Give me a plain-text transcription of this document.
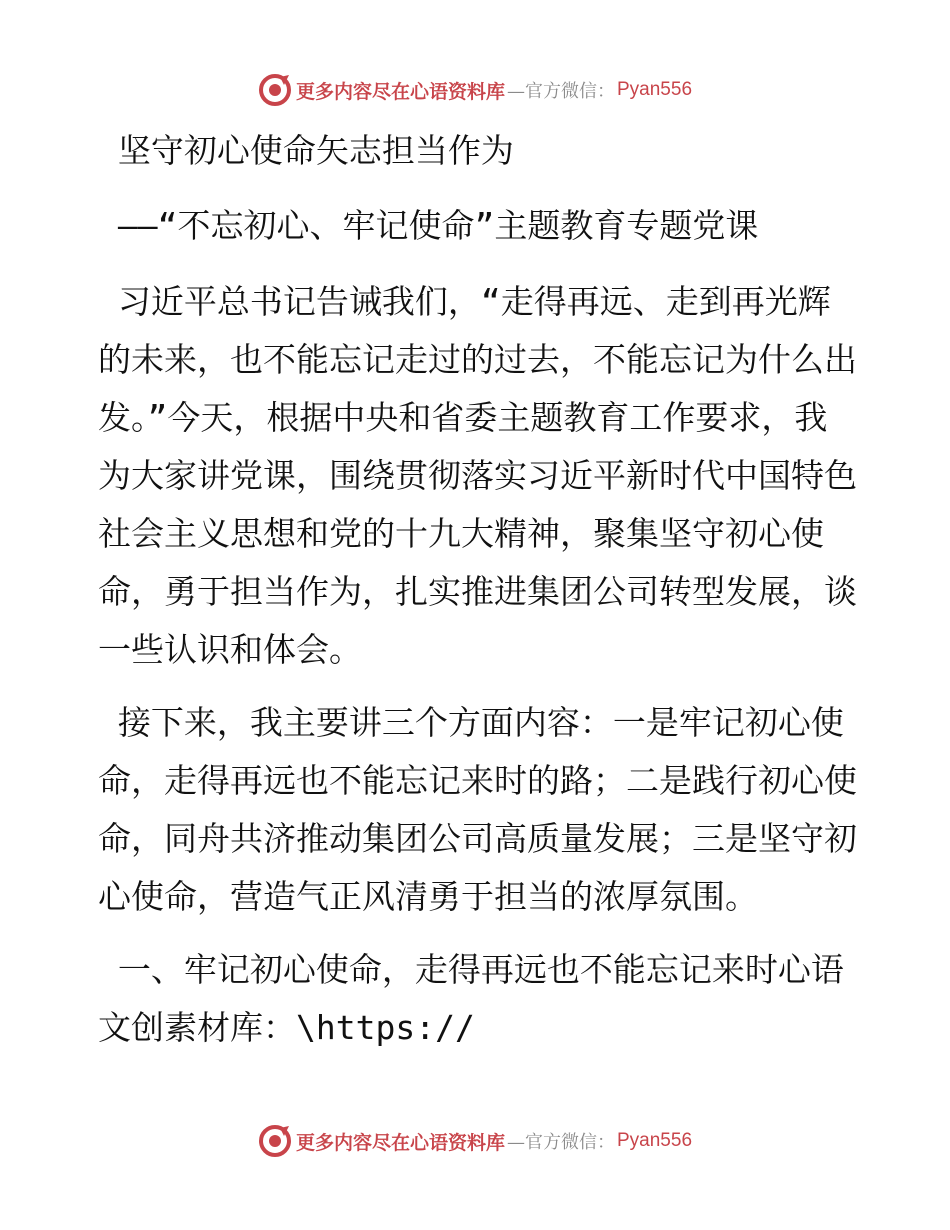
更多内容尽在心语资料库 —官方微信： Pyan556

坚守初心使命矢志担当作为

——“不忘初心、牢记使命”主题教育专题党课

习近平总书记告诫我们，“走得再远、走到再光辉的未来，也不能忘记走过的过去，不能忘记为什么出发。”今天，根据中央和省委主题教育工作要求，我为大家讲党课，围绕贯彻落实习近平新时代中国特色社会主义思想和党的十九大精神，聚集坚守初心使命，勇于担当作为，扎实推进集团公司转型发展，谈一些认识和体会。

接下来，我主要讲三个方面内容：一是牢记初心使命，走得再远也不能忘记来时的路；二是践行初心使命，同舟共济推动集团公司高质量发展；三是坚守初心使命，营造气正风清勇于担当的浓厚氛围。

一、牢记初心使命，走得再远也不能忘记来时心语文创素材库：\https://

更多内容尽在心语资料库 —官方微信： Pyan556
